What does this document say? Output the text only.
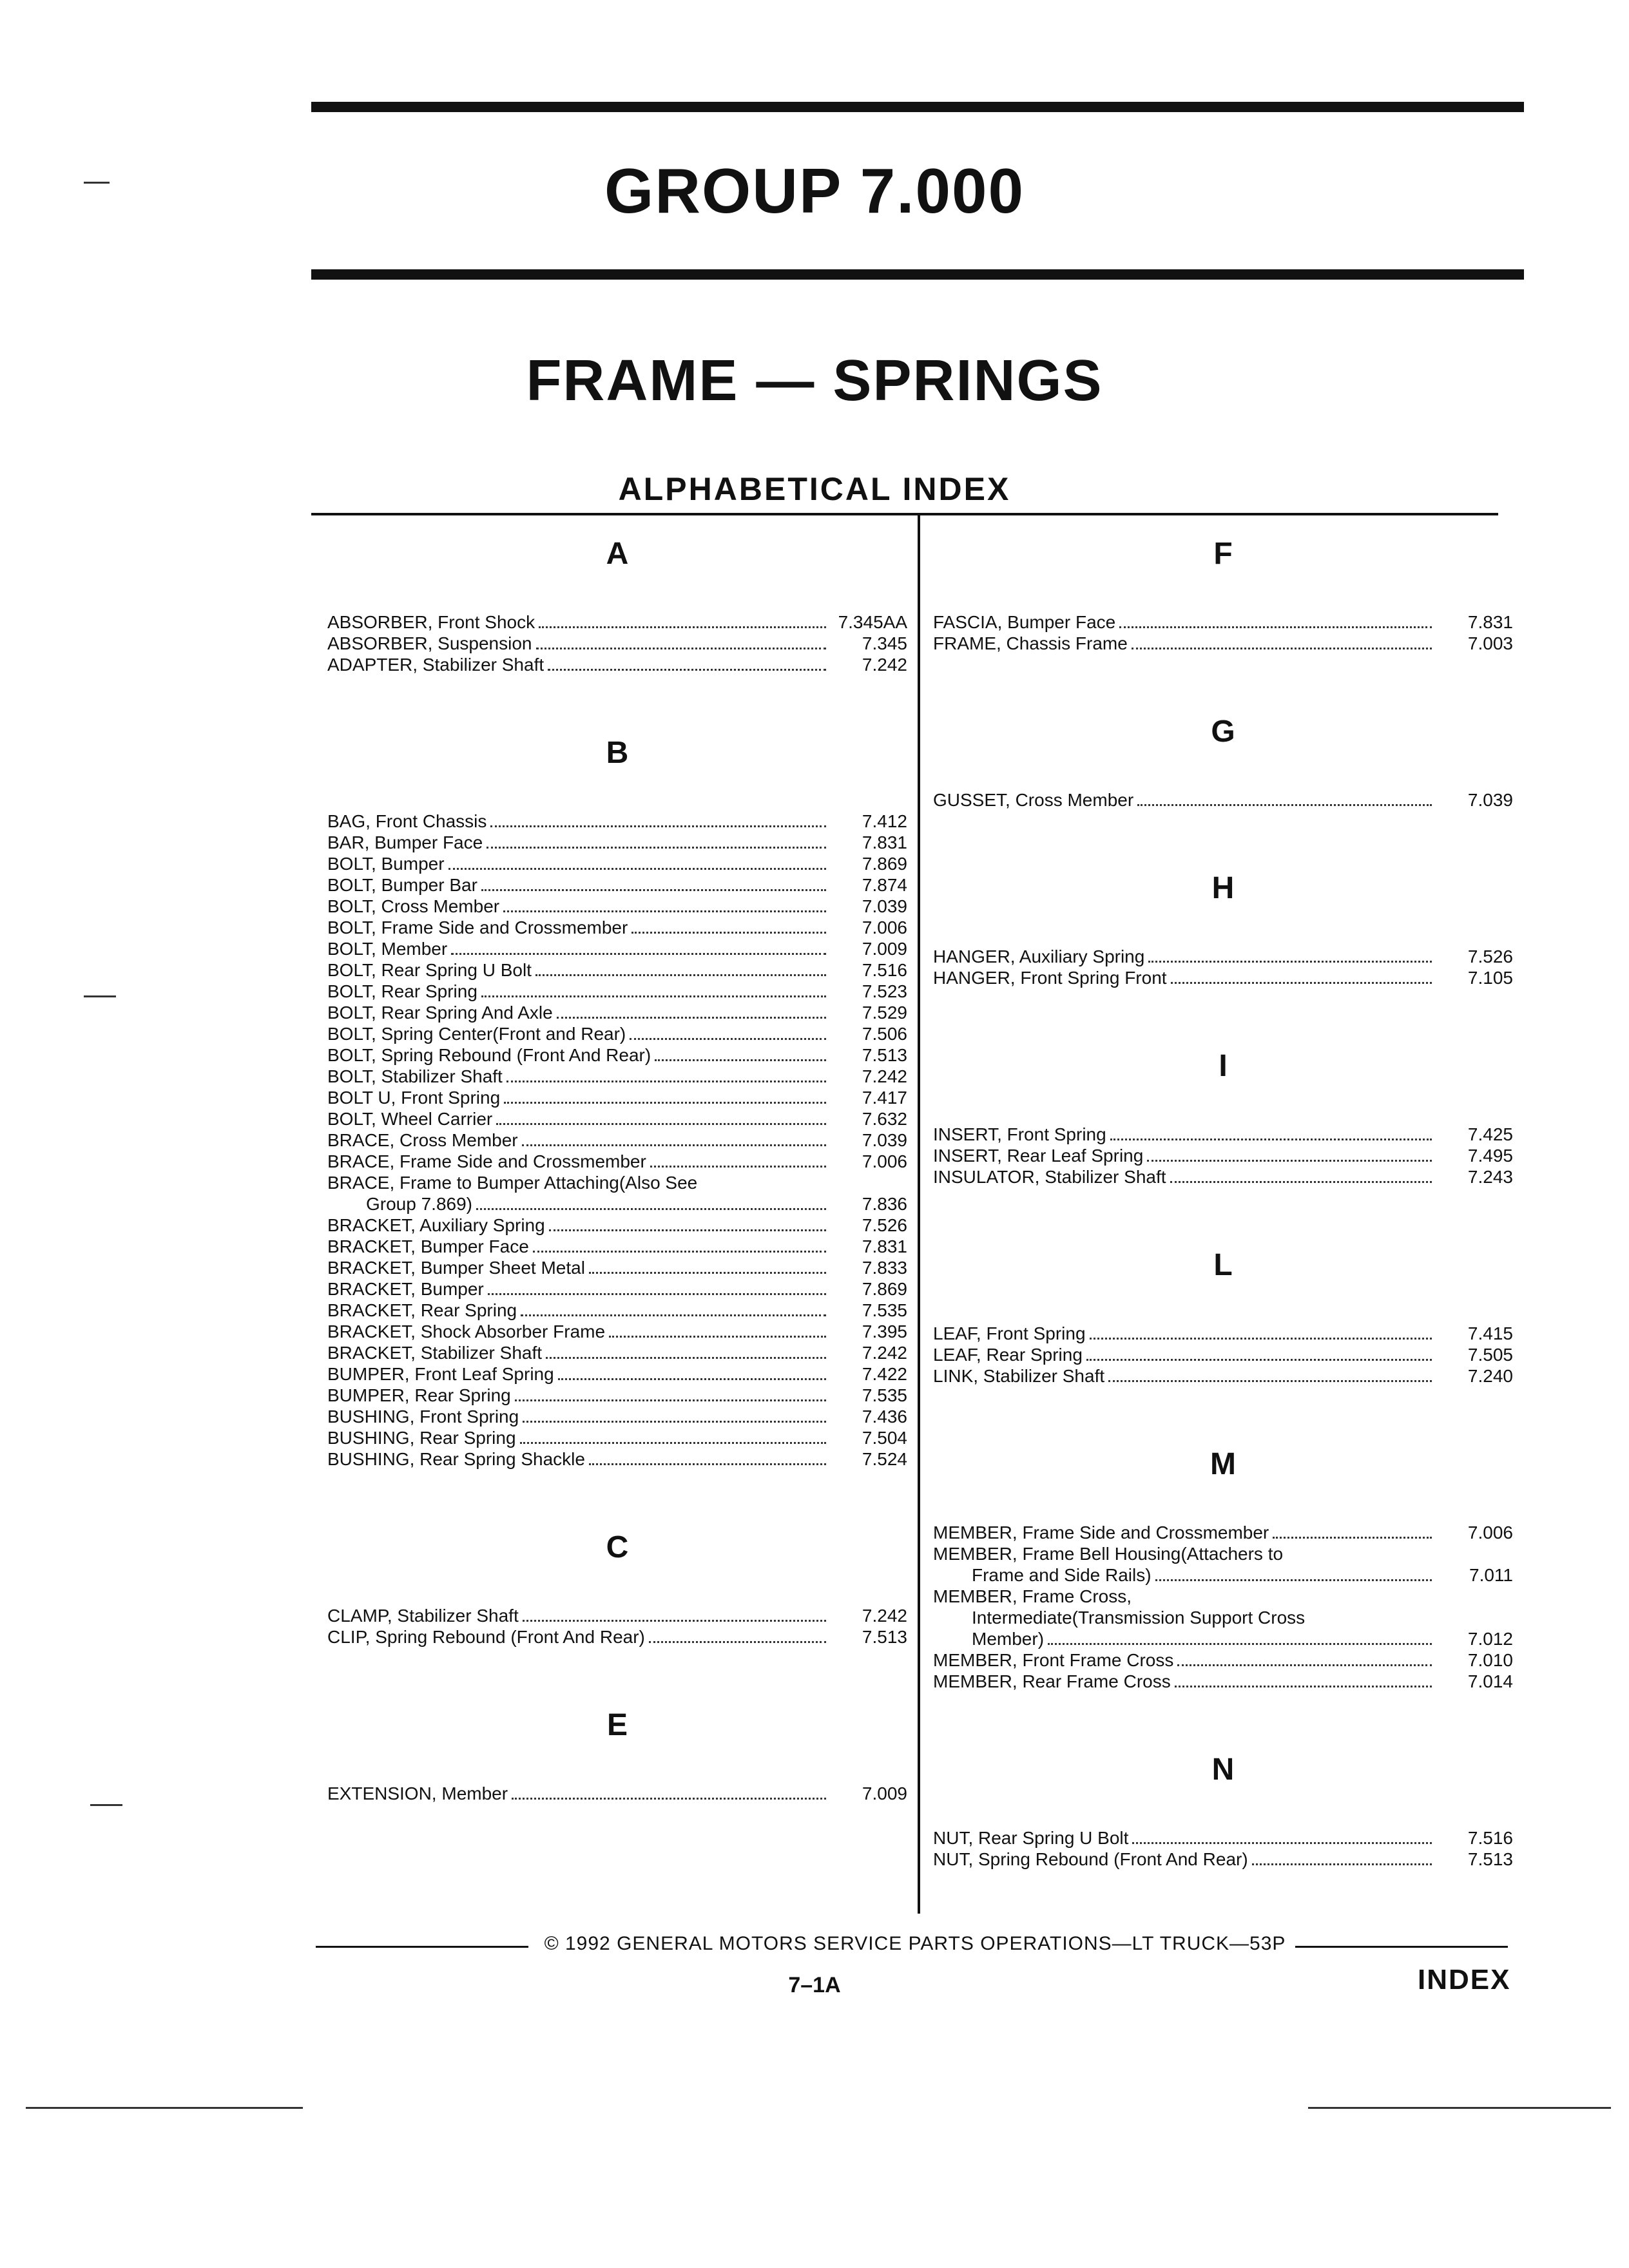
GROUP 7.000
FRAME — SPRINGS
ALPHABETICAL INDEX
A
ABSORBER, Front Shock	7.345AA
ABSORBER, Suspension	7.345
ADAPTER, Stabilizer Shaft	7.242
B
BAG, Front Chassis	7.412
BAR, Bumper Face	7.831
BOLT, Bumper	7.869
BOLT, Bumper Bar	7.874
BOLT, Cross Member	7.039
BOLT, Frame Side and Crossmember	7.006
BOLT, Member	7.009
BOLT, Rear Spring U Bolt	7.516
BOLT, Rear Spring	7.523
BOLT, Rear Spring And Axle	7.529
BOLT, Spring Center(Front and Rear)	7.506
BOLT, Spring Rebound (Front And Rear)	7.513
BOLT, Stabilizer Shaft	7.242
BOLT U, Front Spring	7.417
BOLT, Wheel Carrier	7.632
BRACE, Cross Member	7.039
BRACE, Frame Side and Crossmember	7.006
BRACE, Frame to Bumper Attaching(Also See
Group 7.869)	7.836
BRACKET, Auxiliary Spring	7.526
BRACKET, Bumper Face	7.831
BRACKET, Bumper Sheet Metal	7.833
BRACKET, Bumper	7.869
BRACKET, Rear Spring	7.535
BRACKET, Shock Absorber Frame	7.395
BRACKET, Stabilizer Shaft	7.242
BUMPER, Front Leaf Spring	7.422
BUMPER, Rear Spring	7.535
BUSHING, Front Spring	7.436
BUSHING, Rear Spring	7.504
BUSHING, Rear Spring Shackle	7.524
C
CLAMP, Stabilizer Shaft	7.242
CLIP, Spring Rebound (Front And Rear)	7.513
E
EXTENSION, Member	7.009
F
FASCIA, Bumper Face	7.831
FRAME, Chassis Frame	7.003
G
GUSSET, Cross Member	7.039
H
HANGER, Auxiliary Spring	7.526
HANGER, Front Spring Front	7.105
I
INSERT, Front Spring	7.425
INSERT, Rear Leaf Spring	7.495
INSULATOR, Stabilizer Shaft	7.243
L
LEAF, Front Spring	7.415
LEAF, Rear Spring	7.505
LINK, Stabilizer Shaft	7.240
M
MEMBER, Frame Side and Crossmember	7.006
MEMBER, Frame Bell Housing(Attachers to
Frame and Side Rails)	7.011
MEMBER, Frame Cross,
Intermediate(Transmission Support Cross
Member)	7.012
MEMBER, Front Frame Cross	7.010
MEMBER, Rear Frame Cross	7.014
N
NUT, Rear Spring U Bolt	7.516
NUT, Spring Rebound (Front And Rear)	7.513
© 1992 GENERAL MOTORS SERVICE PARTS OPERATIONS—LT TRUCK—53P
7–1A	INDEX
